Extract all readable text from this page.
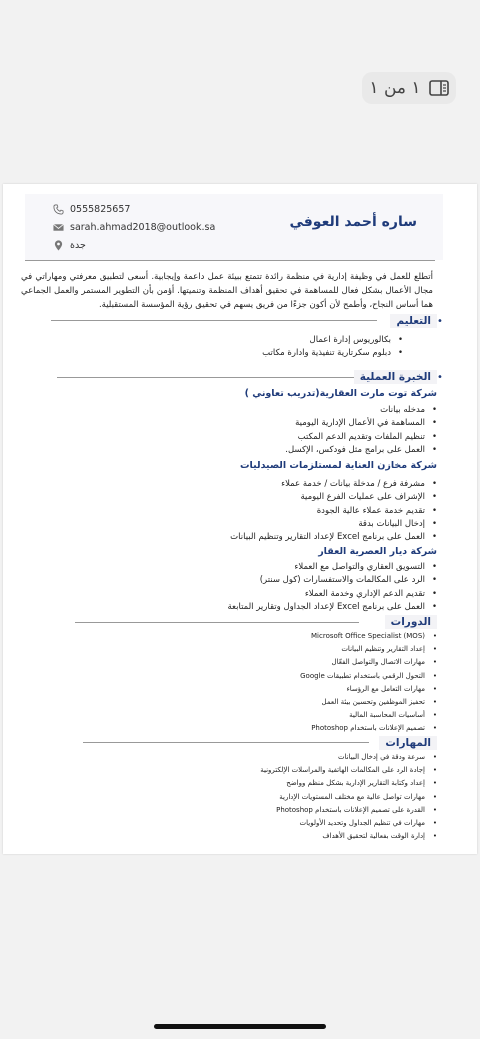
١ من ١
ساره أحمد العوفي
0555825657
sarah.ahmad2018@outlook.sa
جدة
أتطلع للعمل في وظيفة إدارية في منظمة رائدة تتمتع ببيئة عمل داعمة وإيجابية. أسعى لتطبيق معرفتي ومهاراتي في مجال الأعمال بشكل فعال للمساهمة في تحقيق أهداف المنظمة وتنميتها. أؤمن بأن التطوير المستمر والعمل الجماعي هما أساس النجاح، وأطمح لأن أكون جزءًا من فريق يسهم في تحقيق رؤية المؤسسة المستقبلية.
التعليم •
• بكالوريوس إدارة اعمال
• دبلوم سكرتارية تنفيذية وادارة مكاتب
الخبرة العملية •
شركة توت مارت العقارية(تدريب تعاوني )
• مدخله بيانات
• المساهمة في الأعمال الإدارية اليومية
• تنظيم الملفات وتقديم الدعم المكتب
• العمل على برامج مثل فودكس، الإكسل.
شركة مخازن العناية لمستلزمات الصيدليات
• مشرفة فرع / مدخلة بيانات / خدمة عملاء
• الإشراف على عمليات الفرع اليومية
• تقديم خدمة عملاء عالية الجودة
• إدخال البيانات بدقة
• العمل على برنامج Excel لإعداد التقارير وتنظيم البيانات
شركة ديار العصرية العقار
• التسويق العقاري والتواصل مع العملاء
• الرد على المكالمات والاستفسارات (كول سنتر)
• تقديم الدعم الإداري وخدمة العملاء
• العمل على برنامج Excel لإعداد الجداول وتقارير المتابعة
الدورات
• Microsoft Office Specialist (MOS)
• إعداد التقارير وتنظيم البيانات
• مهارات الاتصال والتواصل الفعّال
• التحول الرقمي باستخدام تطبيقات Google
• مهارات التعامل مع الرؤساء
• تحفيز الموظفين وتحسين بيئة العمل
• أساسيات المحاسبة المالية
• تصميم الإعلانات باستخدام Photoshop
المهارات
• سرعة ودقة في إدخال البيانات
• إجادة الرد على المكالمات الهاتفية والمراسلات الإلكترونية
• إعداد وكتابة التقارير الإدارية بشكل منظم وواضح
• مهارات تواصل عالية مع مختلف المستويات الإدارية
• القدرة على تصميم الإعلانات باستخدام Photoshop
• مهارات في تنظيم الجداول وتحديد الأولويات
• إدارة الوقت بفعالية لتحقيق الأهداف
